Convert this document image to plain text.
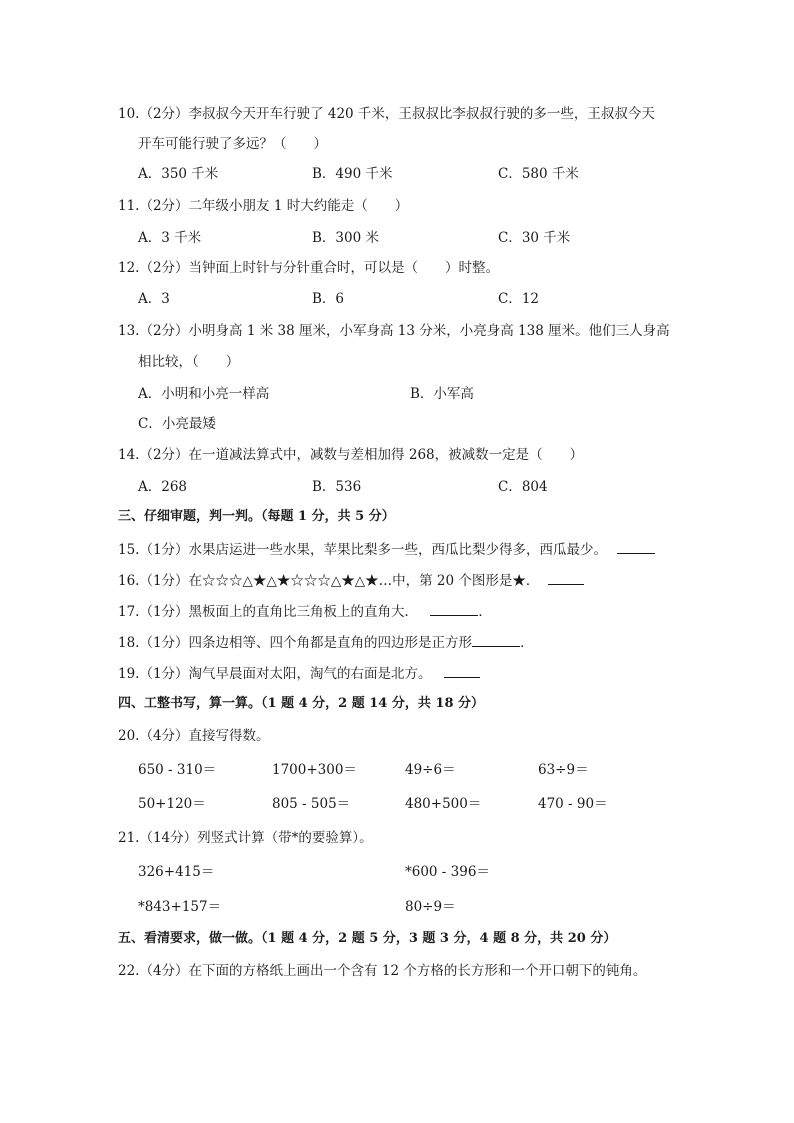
10.（2分）李叔叔今天开车行驶了 420 千米，王叔叔比李叔叔行驶的多一些，王叔叔今天
开车可能行驶了多远？（　　）
A．350 千米	B．490 千米	C．580 千米
11.（2分）二年级小朋友 1 时大约能走（　　）
A．3 千米	B．300 米	C．30 千米
12.（2分）当钟面上时针与分针重合时，可以是（　　）时整。
A．3	B．6	C．12
13.（2分）小明身高 1 米 38 厘米，小军身高 13 分米，小亮身高 138 厘米。他们三人身高
相比较，（　　）
A．小明和小亮一样高	B．小军高
C．小亮最矮
14.（2分）在一道减法算式中，减数与差相加得 268，被减数一定是（　　）
A．268	B．536	C．804
三、仔细审题，判一判。（每题 1 分，共 5 分）
15.（1分）水果店运进一些水果，苹果比梨多一些，西瓜比梨少得多，西瓜最少。
16.（1分）在☆☆☆△★△★☆☆☆△★△★…中，第 20 个图形是★．
17.（1分）黑板面上的直角比三角板上的直角大．	．
18.（1分）四条边相等、四个角都是直角的四边形是正方形	．
19.（1分）淘气早晨面对太阳，淘气的右面是北方。
四、工整书写，算一算。（1 题 4 分，2 题 14 分，共 18 分）
20.（4分）直接写得数。
650 - 310＝	1700+300＝	49÷6＝	63÷9＝
50+120＝	805 - 505＝	480+500＝	470 - 90＝
21.（14分）列竖式计算（带*的要验算）。
326+415＝	*600 - 396＝
*843+157＝	80÷9＝
五、看清要求，做一做。（1 题 4 分，2 题 5 分，3 题 3 分，4 题 8 分，共 20 分）
22.（4分）在下面的方格纸上画出一个含有 12 个方格的长方形和一个开口朝下的钝角。
